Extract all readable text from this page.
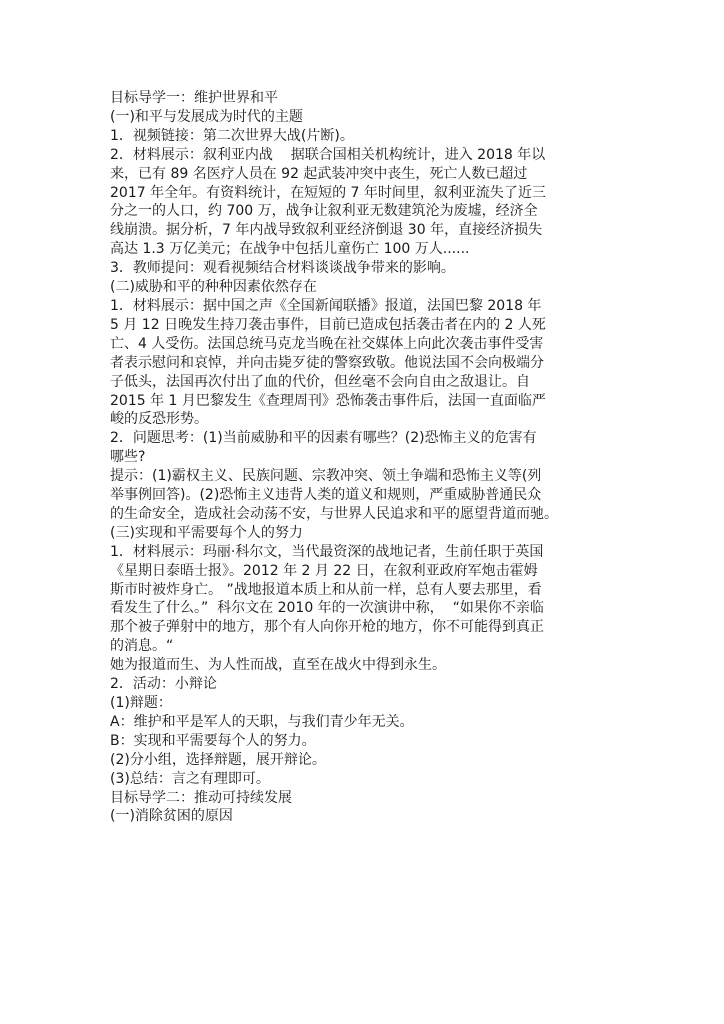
目标导学一：维护世界和平

(一)和平与发展成为时代的主题

1．视频链接：第二次世界大战(片断)。

2．材料展示：叙利亚内战    据联合国相关机构统计，进入 2018 年以

来，已有 89 名医疗人员在 92 起武装冲突中丧生，死亡人数已超过

2017 年全年。有资料统计，在短短的 7 年时间里，叙利亚流失了近三

分之一的人口，约 700 万，战争让叙利亚无数建筑沦为废墟，经济全

线崩溃。据分析，7 年内战导致叙利亚经济倒退 30 年，直接经济损失

高达 1.3 万亿美元；在战争中包括儿童伤亡 100 万人......

3．教师提问：观看视频结合材料谈谈战争带来的影响。

(二)威胁和平的种种因素依然存在

1．材料展示：据中国之声《全国新闻联播》报道，法国巴黎 2018 年

5 月 12 日晚发生持刀袭击事件，目前已造成包括袭击者在内的 2 人死

亡、4 人受伤。法国总统马克龙当晚在社交媒体上向此次袭击事件受害

者表示慰问和哀悼，并向击毙歹徒的警察致敬。他说法国不会向极端分

子低头，法国再次付出了血的代价，但丝毫不会向自由之敌退让。自

2015 年 1 月巴黎发生《查理周刊》恐怖袭击事件后，法国一直面临严

峻的反恐形势。

2．问题思考：(1)当前威胁和平的因素有哪些？(2)恐怖主义的危害有

哪些?

提示：(1)霸权主义、民族问题、宗教冲突、领土争端和恐怖主义等(列

举事例回答)。(2)恐怖主义违背人类的道义和规则，严重威胁普通民众

的生命安全，造成社会动荡不安，与世界人民追求和平的愿望背道而驰。

(三)实现和平需要每个人的努力

1．材料展示：玛丽·科尔文，当代最资深的战地记者，生前任职于英国

《星期日泰晤士报》。2012 年 2 月 22 日，在叙利亚政府军炮击霍姆

斯市时被炸身亡。 ”战地报道本质上和从前一样，总有人要去那里，看

看发生了什么。”  科尔文在 2010 年的一次演讲中称，  “如果你不亲临

那个被子弹射中的地方，那个有人向你开枪的地方，你不可能得到真正

的消息。“

她为报道而生、为人性而战，直至在战火中得到永生。

2．活动：小辩论

(1)辩题：

A：维护和平是军人的天职，与我们青少年无关。

B：实现和平需要每个人的努力。

(2)分小组，选择辩题，展开辩论。

(3)总结：言之有理即可。

目标导学二：推动可持续发展

(一)消除贫困的原因
